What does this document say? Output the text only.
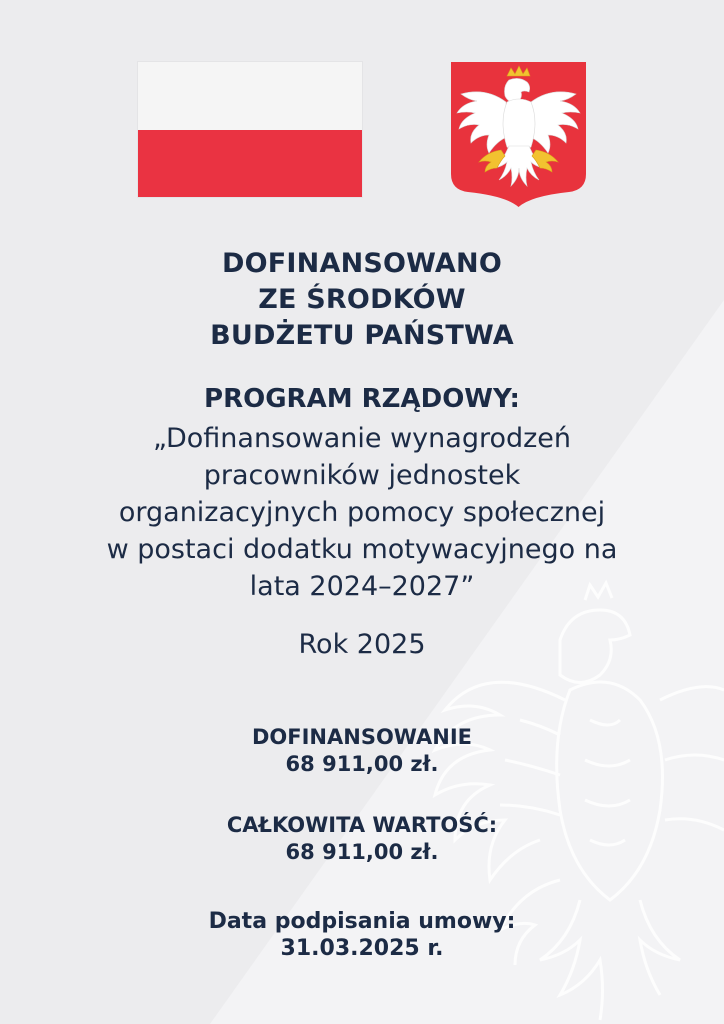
DOFINANSOWANO
ZE ŚRODKÓW
BUDŻETU PAŃSTWA
PROGRAM RZĄDOWY:
„Dofinansowanie wynagrodzeń
pracowników jednostek
organizacyjnych pomocy społecznej
w postaci dodatku motywacyjnego na
lata 2024–2027”
Rok 2025
DOFINANSOWANIE
68 911,00 zł.
CAŁKOWITA WARTOŚĆ:
68 911,00 zł.
Data podpisania umowy:
31.03.2025 r.
